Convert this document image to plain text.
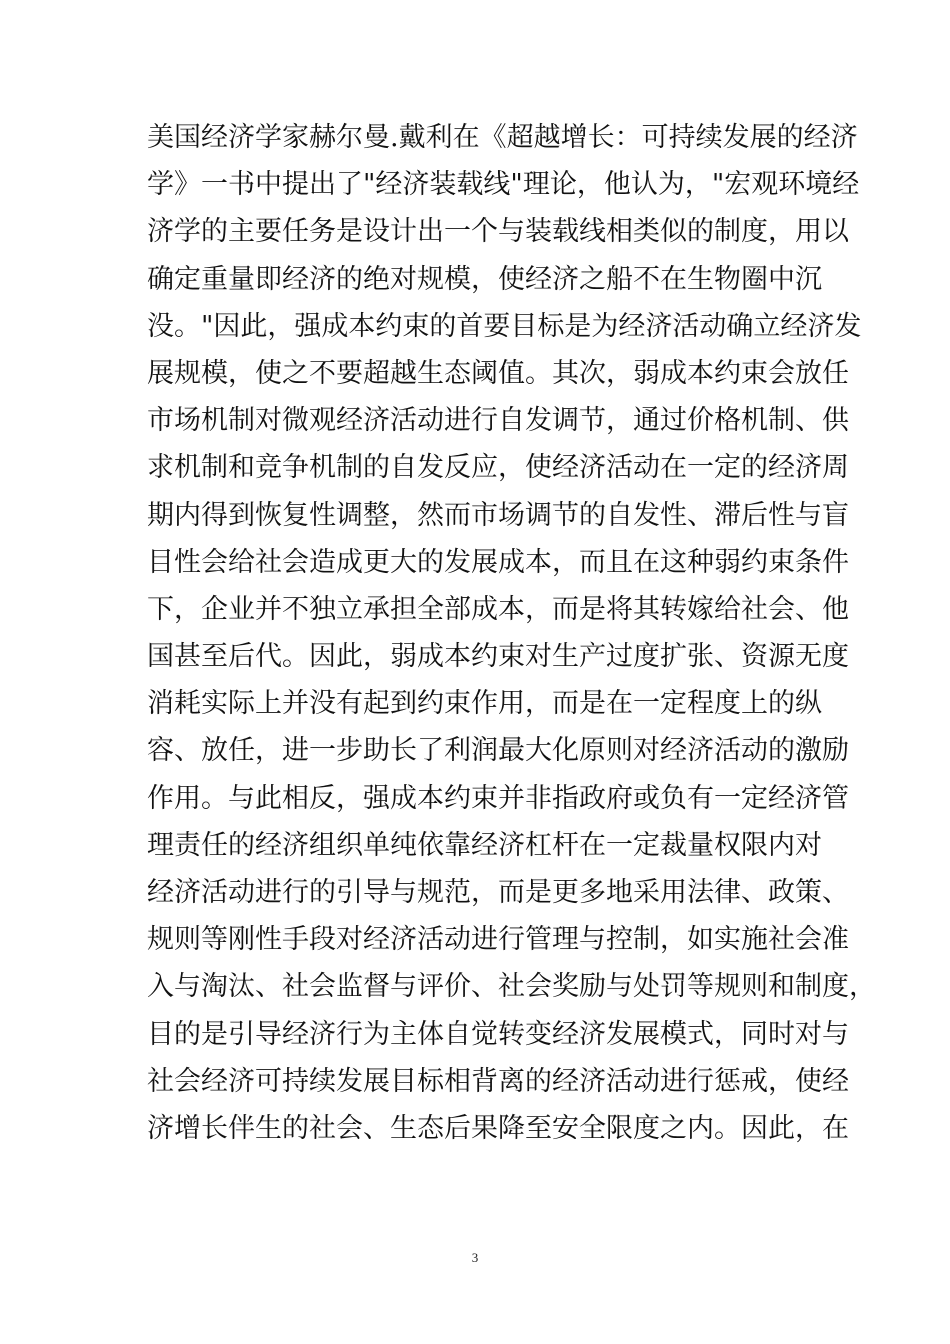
美国经济学家赫尔曼.戴利在《超越增长：可持续发展的经济
学》一书中提出了"经济装载线"理论，他认为，"宏观环境经
济学的主要任务是设计出一个与装载线相类似的制度，用以
确定重量即经济的绝对规模，使经济之船不在生物圈中沉
没。"因此，强成本约束的首要目标是为经济活动确立经济发
展规模，使之不要超越生态阈值。其次，弱成本约束会放任
市场机制对微观经济活动进行自发调节，通过价格机制、供
求机制和竞争机制的自发反应，使经济活动在一定的经济周
期内得到恢复性调整，然而市场调节的自发性、滞后性与盲
目性会给社会造成更大的发展成本，而且在这种弱约束条件
下，企业并不独立承担全部成本，而是将其转嫁给社会、他
国甚至后代。因此，弱成本约束对生产过度扩张、资源无度
消耗实际上并没有起到约束作用，而是在一定程度上的纵
容、放任，进一步助长了利润最大化原则对经济活动的激励
作用。与此相反，强成本约束并非指政府或负有一定经济管
理责任的经济组织单纯依靠经济杠杆在一定裁量权限内对
经济活动进行的引导与规范，而是更多地采用法律、政策、
规则等刚性手段对经济活动进行管理与控制，如实施社会准
入与淘汰、社会监督与评价、社会奖励与处罚等规则和制度，
目的是引导经济行为主体自觉转变经济发展模式，同时对与
社会经济可持续发展目标相背离的经济活动进行惩戒，使经
济增长伴生的社会、生态后果降至安全限度之内。因此，在
3
